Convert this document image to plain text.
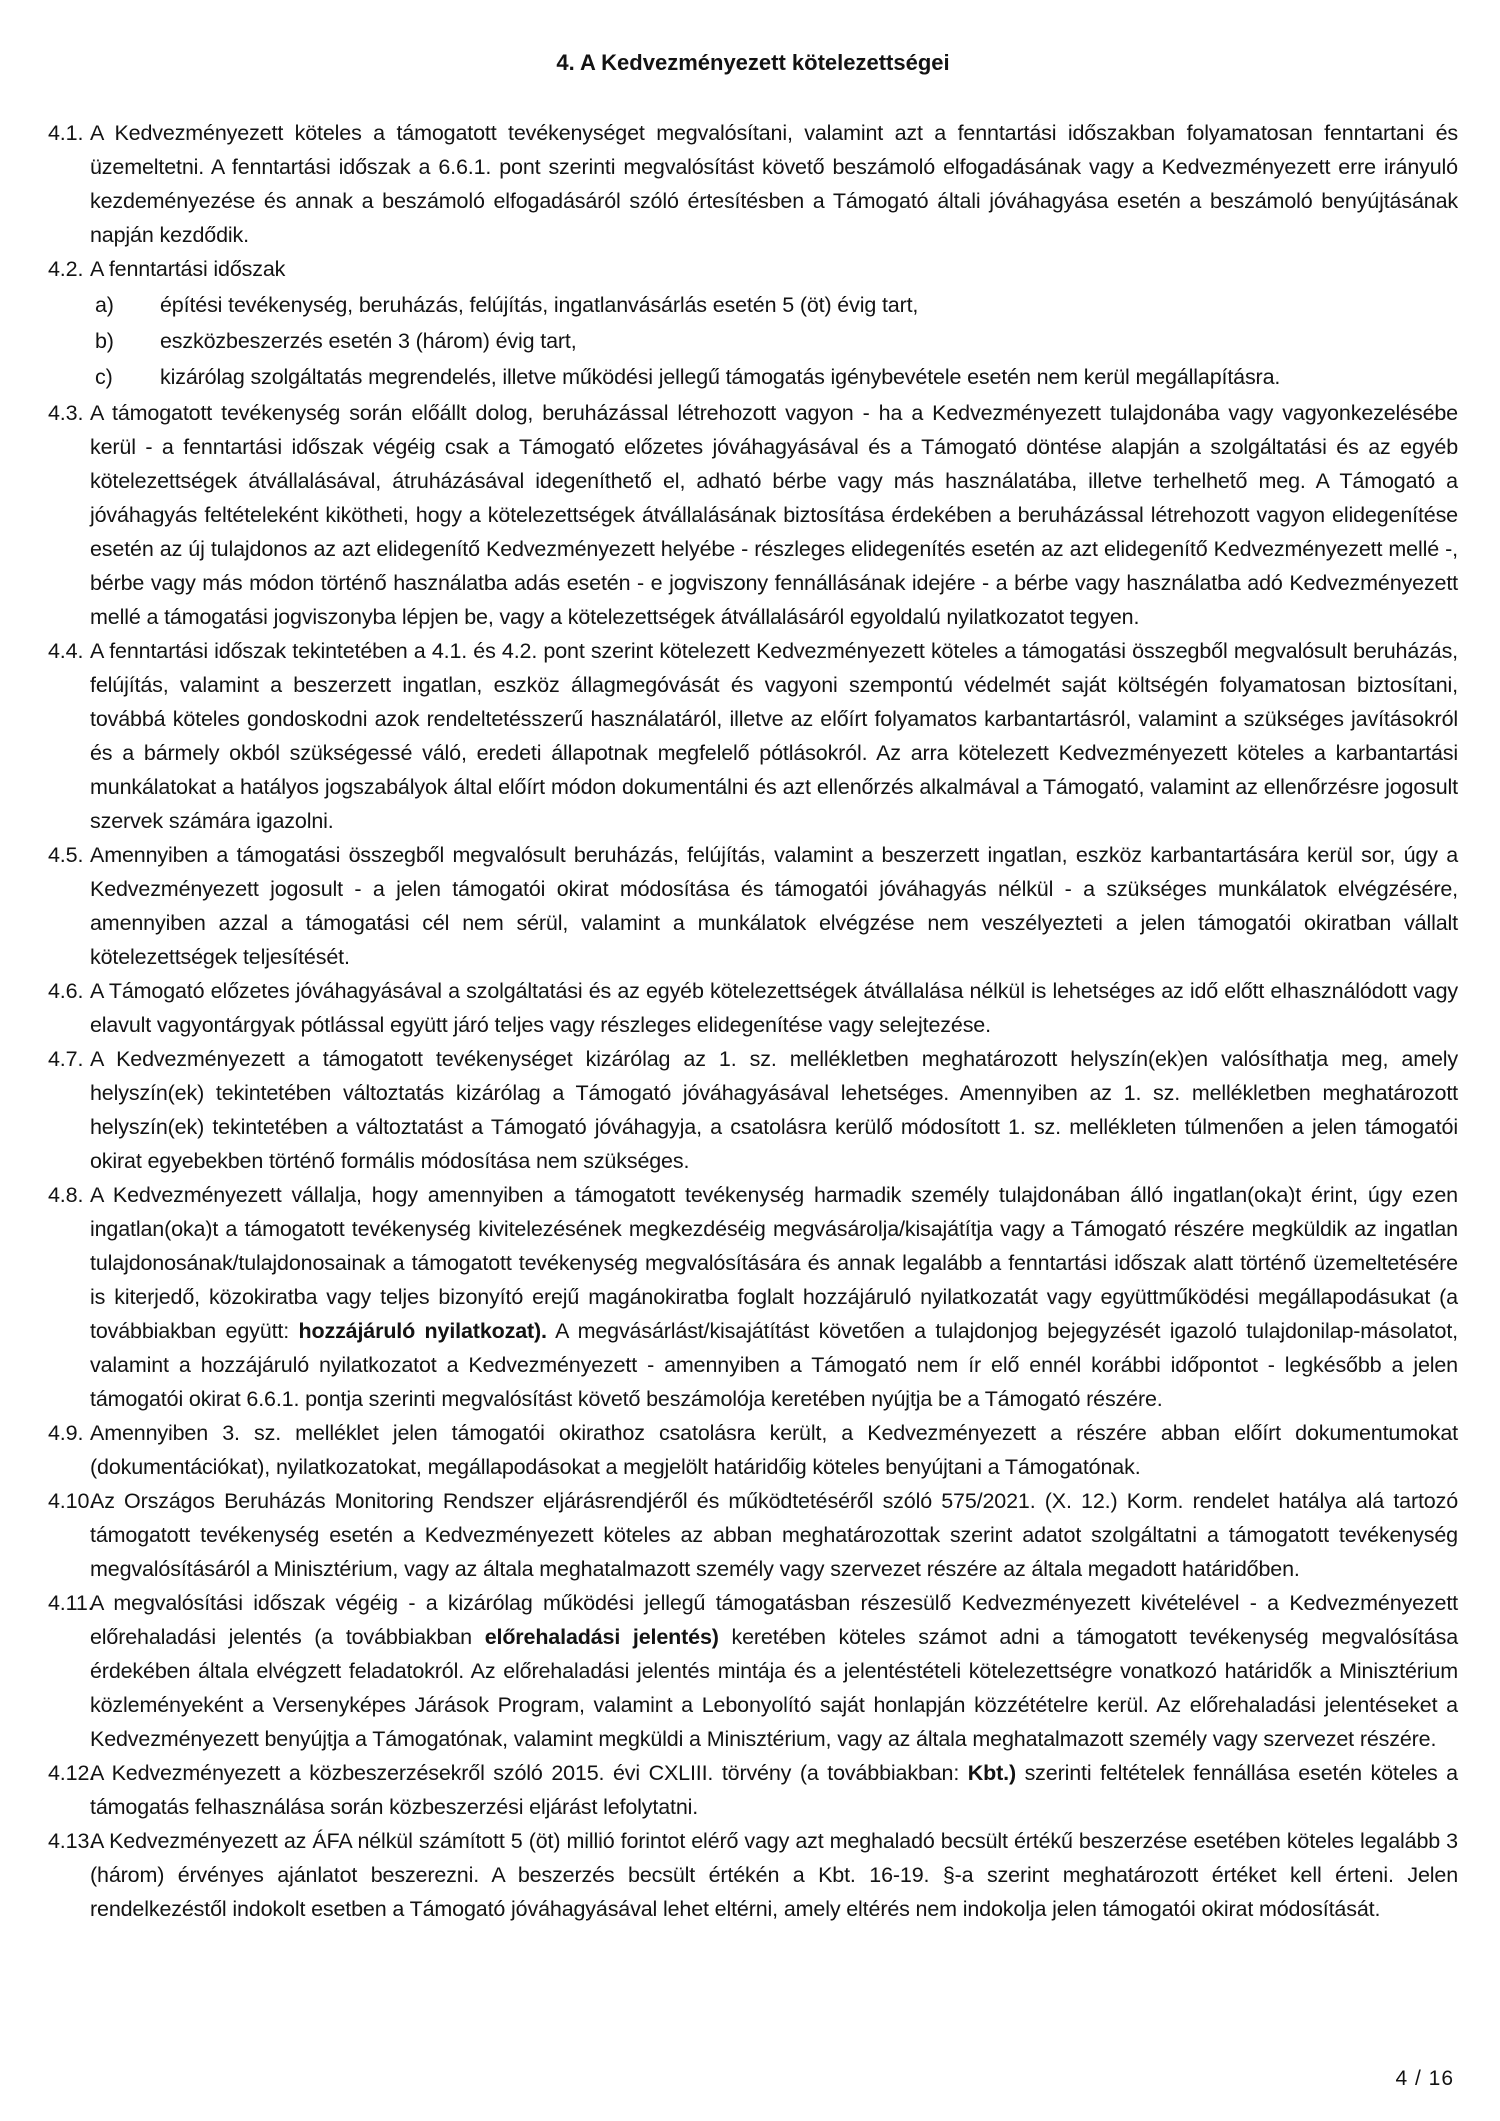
4. A Kedvezményezett kötelezettségei
4.1. A Kedvezményezett köteles a támogatott tevékenységet megvalósítani, valamint azt a fenntartási időszakban folyamatosan fenntartani és üzemeltetni. A fenntartási időszak a 6.6.1. pont szerinti megvalósítást követő beszámoló elfogadásának vagy a Kedvezményezett erre irányuló kezdeményezése és annak a beszámoló elfogadásáról szóló értesítésben a Támogató általi jóváhagyása esetén a beszámoló benyújtásának napján kezdődik.
4.2. A fenntartási időszak
a) építési tevékenység, beruházás, felújítás, ingatlanvásárlás esetén 5 (öt) évig tart,
b) eszközbeszerzés esetén 3 (három) évig tart,
c) kizárólag szolgáltatás megrendelés, illetve működési jellegű támogatás igénybevétele esetén nem kerül megállapításra.
4.3. A támogatott tevékenység során előállt dolog, beruházással létrehozott vagyon - ha a Kedvezményezett tulajdonába vagy vagyonkezelésébe kerül - a fenntartási időszak végéig csak a Támogató előzetes jóváhagyásával és a Támogató döntése alapján a szolgáltatási és az egyéb kötelezettségek átvállalásával, átruházásával idegeníthető el, adható bérbe vagy más használatába, illetve terhelhető meg. A Támogató a jóváhagyás feltételeként kikötheti, hogy a kötelezettségek átvállalásának biztosítása érdekében a beruházással létrehozott vagyon elidegenítése esetén az új tulajdonos az azt elidegenítő Kedvezményezett helyébe - részleges elidegenítés esetén az azt elidegenítő Kedvezményezett mellé -, bérbe vagy más módon történő használatba adás esetén - e jogviszony fennállásának idejére - a bérbe vagy használatba adó Kedvezményezett mellé a támogatási jogviszonyba lépjen be, vagy a kötelezettségek átvállalásáról egyoldalú nyilatkozatot tegyen.
4.4. A fenntartási időszak tekintetében a 4.1. és 4.2. pont szerint kötelezett Kedvezményezett köteles a támogatási összegből megvalósult beruházás, felújítás, valamint a beszerzett ingatlan, eszköz állagmegóvását és vagyoni szempontú védelmét saját költségén folyamatosan biztosítani, továbbá köteles gondoskodni azok rendeltetésszerű használatáról, illetve az előírt folyamatos karbantartásról, valamint a szükséges javításokról és a bármely okból szükségessé váló, eredeti állapotnak megfelelő pótlásokról. Az arra kötelezett Kedvezményezett köteles a karbantartási munkálatokat a hatályos jogszabályok által előírt módon dokumentálni és azt ellenőrzés alkalmával a Támogató, valamint az ellenőrzésre jogosult szervek számára igazolni.
4.5. Amennyiben a támogatási összegből megvalósult beruházás, felújítás, valamint a beszerzett ingatlan, eszköz karbantartására kerül sor, úgy a Kedvezményezett jogosult - a jelen támogatói okirat módosítása és támogatói jóváhagyás nélkül - a szükséges munkálatok elvégzésére, amennyiben azzal a támogatási cél nem sérül, valamint a munkálatok elvégzése nem veszélyezteti a jelen támogatói okiratban vállalt kötelezettségek teljesítését.
4.6. A Támogató előzetes jóváhagyásával a szolgáltatási és az egyéb kötelezettségek átvállalása nélkül is lehetséges az idő előtt elhasználódott vagy elavult vagyontárgyak pótlással együtt járó teljes vagy részleges elidegenítése vagy selejtezése.
4.7. A Kedvezményezett a támogatott tevékenységet kizárólag az 1. sz. mellékletben meghatározott helyszín(ek)en valósíthatja meg, amely helyszín(ek) tekintetében változtatás kizárólag a Támogató jóváhagyásával lehetséges. Amennyiben az 1. sz. mellékletben meghatározott helyszín(ek) tekintetében a változtatást a Támogató jóváhagyja, a csatolásra kerülő módosított 1. sz. mellékleten túlmenően a jelen támogatói okirat egyebekben történő formális módosítása nem szükséges.
4.8. A Kedvezményezett vállalja, hogy amennyiben a támogatott tevékenység harmadik személy tulajdonában álló ingatlan(oka)t érint, úgy ezen ingatlan(oka)t a támogatott tevékenység kivitelezésének megkezdéséig megvásárolja/kisajátítja vagy a Támogató részére megküldik az ingatlan tulajdonosának/tulajdonosainak a támogatott tevékenység megvalósítására és annak legalább a fenntartási időszak alatt történő üzemeltetésére is kiterjedő, közokiratba vagy teljes bizonyító erejű magánokiratba foglalt hozzájáruló nyilatkozatát vagy együttműködési megállapodásukat (a továbbiakban együtt: hozzájáruló nyilatkozat). A megvásárlást/kisajátítást követően a tulajdonjog bejegyzését igazoló tulajdonilap-másolatot, valamint a hozzájáruló nyilatkozatot a Kedvezményezett - amennyiben a Támogató nem ír elő ennél korábbi időpontot - legkésőbb a jelen támogatói okirat 6.6.1. pontja szerinti megvalósítást követő beszámolója keretében nyújtja be a Támogató részére.
4.9. Amennyiben 3. sz. melléklet jelen támogatói okirathoz csatolásra került, a Kedvezményezett a részére abban előírt dokumentumokat (dokumentációkat), nyilatkozatokat, megállapodásokat a megjelölt határidőig köteles benyújtani a Támogatónak.
4.10.
Az Országos Beruházás Monitoring Rendszer eljárásrendjéről és működtetéséről szóló 575/2021. (X. 12.) Korm. rendelet hatálya alá tartozó támogatott tevékenység esetén a Kedvezményezett köteles az abban meghatározottak szerint adatot szolgáltatni a támogatott tevékenység megvalósításáról a Minisztérium, vagy az általa meghatalmazott személy vagy szervezet részére az általa megadott határidőben.
4.11.
A megvalósítási időszak végéig - a kizárólag működési jellegű támogatásban részesülő Kedvezményezett kivételével - a Kedvezményezett előrehaladási jelentés (a továbbiakban előrehaladási jelentés) keretében köteles számot adni a támogatott tevékenység megvalósítása érdekében általa elvégzett feladatokról. Az előrehaladási jelentés mintája és a jelentéstételi kötelezettségre vonatkozó határidők a Minisztérium közleményeként a Versenyképes Járások Program, valamint a Lebonyolító saját honlapján közzétételre kerül. Az előrehaladási jelentéseket a Kedvezményezett benyújtja a Támogatónak, valamint megküldi a Minisztérium, vagy az általa meghatalmazott személy vagy szervezet részére.
4.12.
A Kedvezményezett a közbeszerzésekről szóló 2015. évi CXLIII. törvény (a továbbiakban: Kbt.) szerinti feltételek fennállása esetén köteles a támogatás felhasználása során közbeszerzési eljárást lefolytatni.
4.13.
A Kedvezményezett az ÁFA nélkül számított 5 (öt) millió forintot elérő vagy azt meghaladó becsült értékű beszerzése esetében köteles legalább 3 (három) érvényes ajánlatot beszerezni. A beszerzés becsült értékén a Kbt. 16-19. §-a szerint meghatározott értéket kell érteni. Jelen rendelkezéstől indokolt esetben a Támogató jóváhagyásával lehet eltérni, amely eltérés nem indokolja jelen támogatói okirat módosítását.
4 / 16
